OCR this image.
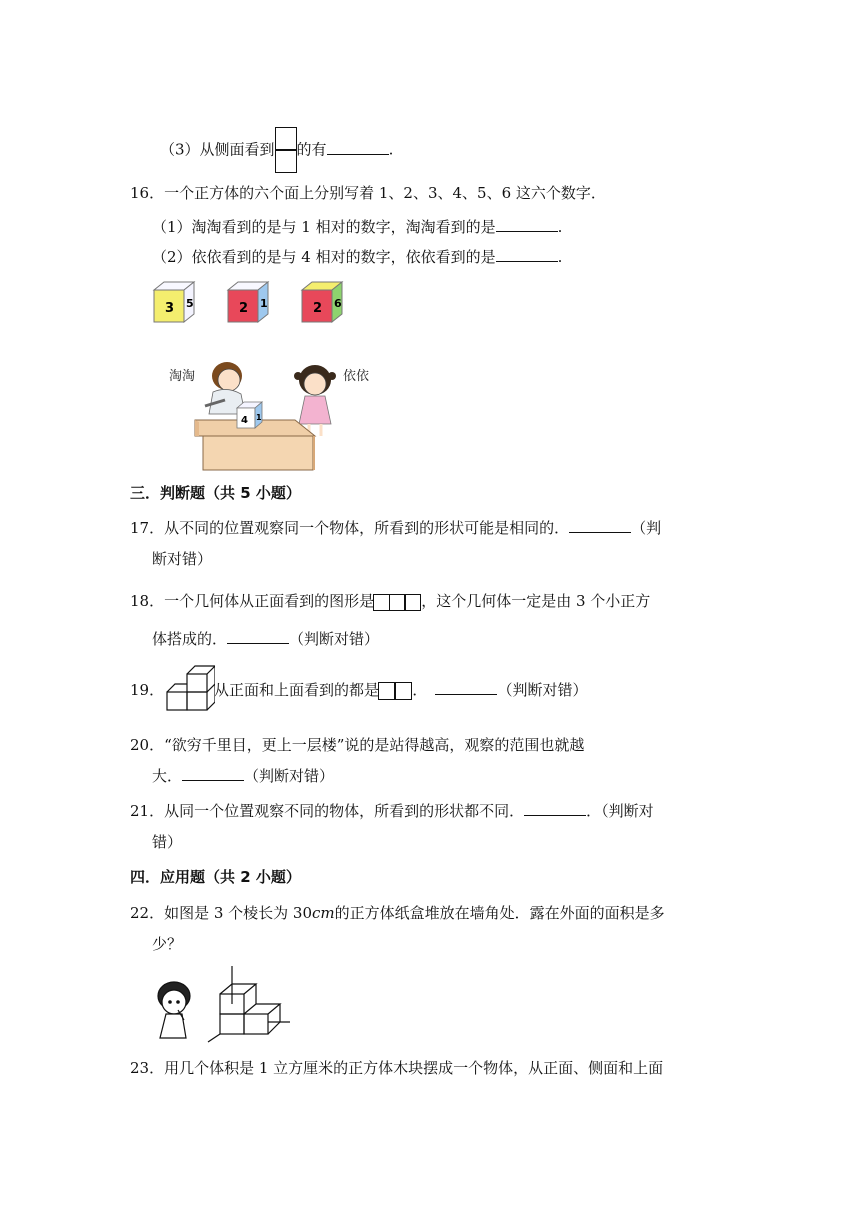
（3）从侧面看到 的有	.
16．一个正方体的六个面上分别写着 1、2、3、4、5、6 这六个数字．
（1）淘淘看到的是与 1 相对的数字，淘淘看到的是	.
（2）依依看到的是与 4 相对的数字，依依看到的是	.
3 5	2 1	2 6
淘淘	依依
4 1
三．判断题（共 5 小题）
17．从不同的位置观察同一个物体，所看到的形状可能是相同的．	（判
断对错）
18．一个几何体从正面看到的图形是	，这个几何体一定是由 3 个小正方
体搭成的．	（判断对错）
19．	从正面和上面看到的都是 ．	（判断对错）
20．“欲穷千里目，更上一层楼”说的是站得越高，观察的范围也就越
大．	（判断对错）
21．从同一个位置观察不同的物体，所看到的形状都不同．	．（判断对
错）
四．应用题（共 2 小题）
22．如图是 3 个棱长为 30cm的正方体纸盒堆放在墙角处．露在外面的面积是多
少？
23．用几个体积是 1 立方厘米的正方体木块摆成一个物体，从正面、侧面和上面
